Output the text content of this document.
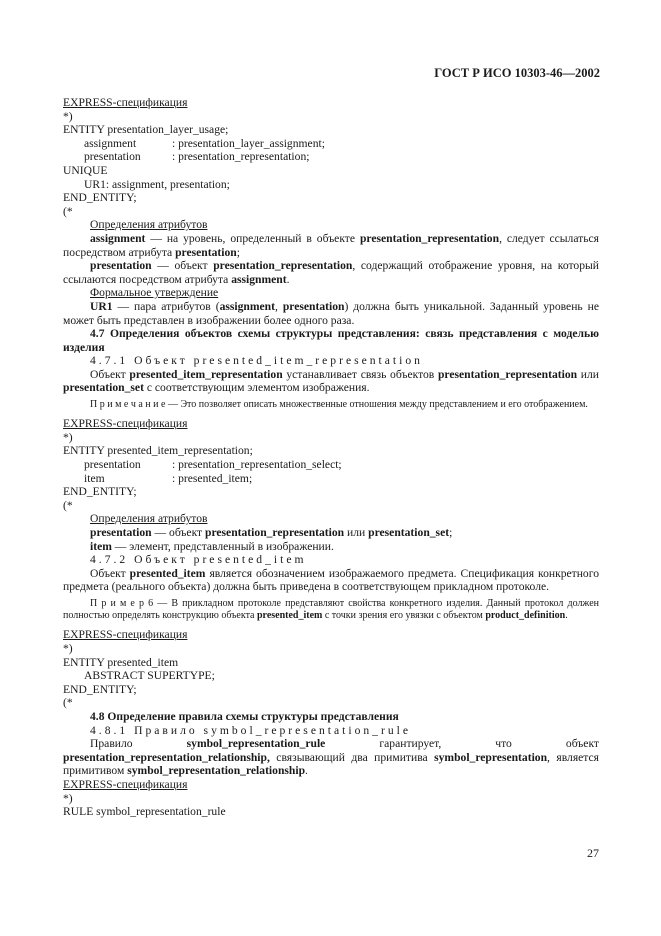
ГОСТ Р ИСО 10303-46—2002
EXPRESS-спецификация
*)
ENTITY presentation_layer_usage;
assignment	: presentation_layer_assignment;
presentation	: presentation_representation;
UNIQUE
UR1: assignment, presentation;
END_ENTITY;
(*
Определения атрибутов
assignment — на уровень, определенный в объекте presentation_representation, следует ссылаться посредством атрибута presentation;
presentation — объект presentation_representation, содержащий отображение уровня, на который ссылаются посредством атрибута assignment.
Формальное утверждение
UR1 — пара атрибутов (assignment, presentation) должна быть уникальной. Заданный уровень не может быть представлен в изображении более одного раза.
4.7 Определения объектов схемы структуры представления: связь представления с моделью изделия
4.7.1 Объект presented_item_representation
Объект presented_item_representation устанавливает связь объектов presentation_representation или presentation_set с соответствующим элементом изображения.
П р и м е ч а н и е — Это позволяет описать множественные отношения между представлением и его отображением.
EXPRESS-спецификация
*)
ENTITY presented_item_representation;
presentation	: presentation_representation_select;
item	: presented_item;
END_ENTITY;
(*
Определения атрибутов
presentation — объект presentation_representation или presentation_set;
item — элемент, представленный в изображении.
4.7.2 Объект presented_item
Объект presented_item является обозначением изображаемого предмета. Спецификация конкретного предмета (реального объекта) должна быть приведена в соответствующем прикладном протоколе.
П р и м е р 6 — В прикладном протоколе представляют свойства конкретного изделия. Данный протокол должен полностью определять конструкцию объекта presented_item с точки зрения его увязки с объектом product_definition.
EXPRESS-спецификация
*)
ENTITY presented_item
ABSTRACT SUPERTYPE;
END_ENTITY;
(*
4.8 Определение правила схемы структуры представления
4.8.1 Правило symbol_representation_rule
Правило symbol_representation_rule гарантирует, что объект presentation_representation_relationship, связывающий два примитива symbol_representation, является примитивом symbol_representation_relationship.
EXPRESS-спецификация
*)
RULE symbol_representation_rule
27
